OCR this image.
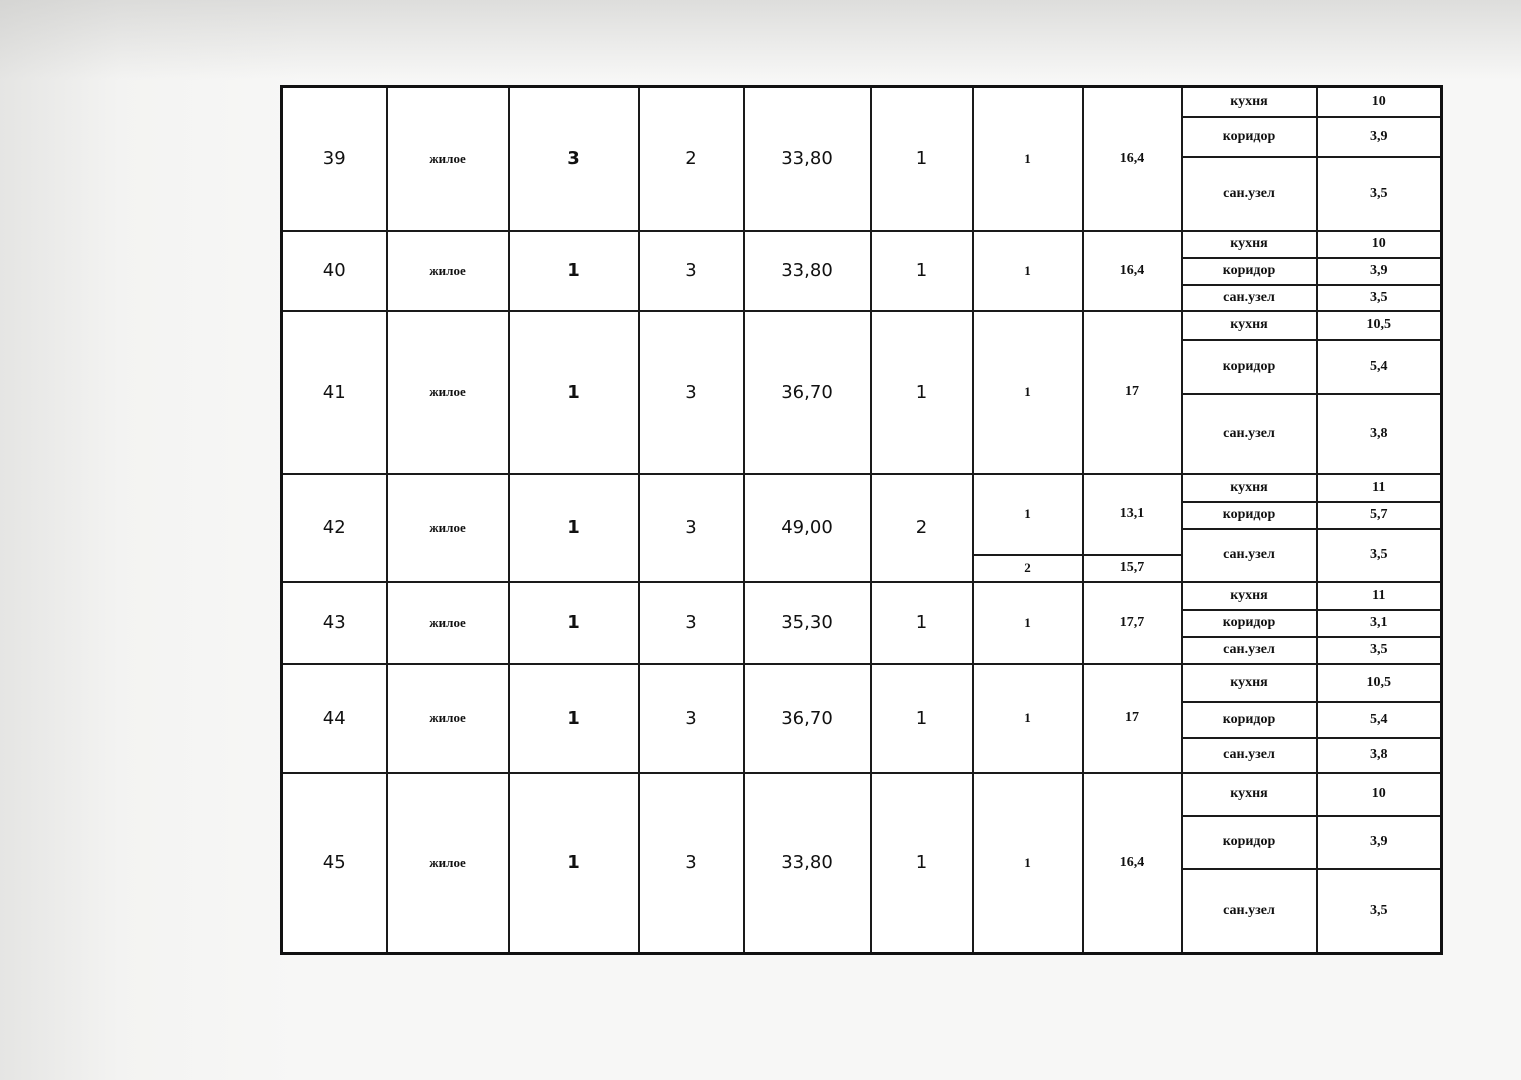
39	жилое	3	2	33,80	1	1	16,4	кухня	10
								коридор	3,9
								сан.узел	3,5
40	жилое	1	3	33,80	1	1	16,4	кухня	10
								коридор	3,9
								сан.узел	3,5
41	жилое	1	3	36,70	1	1	17	кухня	10,5
								коридор	5,4
								сан.узел	3,8
42	жилое	1	3	49,00	2	1	13,1	кухня	11
								коридор	5,7
								сан.узел	3,5
						2	15,7		
43	жилое	1	3	35,30	1	1	17,7	кухня	11
								коридор	3,1
								сан.узел	3,5
44	жилое	1	3	36,70	1	1	17	кухня	10,5
								коридор	5,4
								сан.узел	3,8
45	жилое	1	3	33,80	1	1	16,4	кухня	10
								коридор	3,9
								сан.узел	3,5
